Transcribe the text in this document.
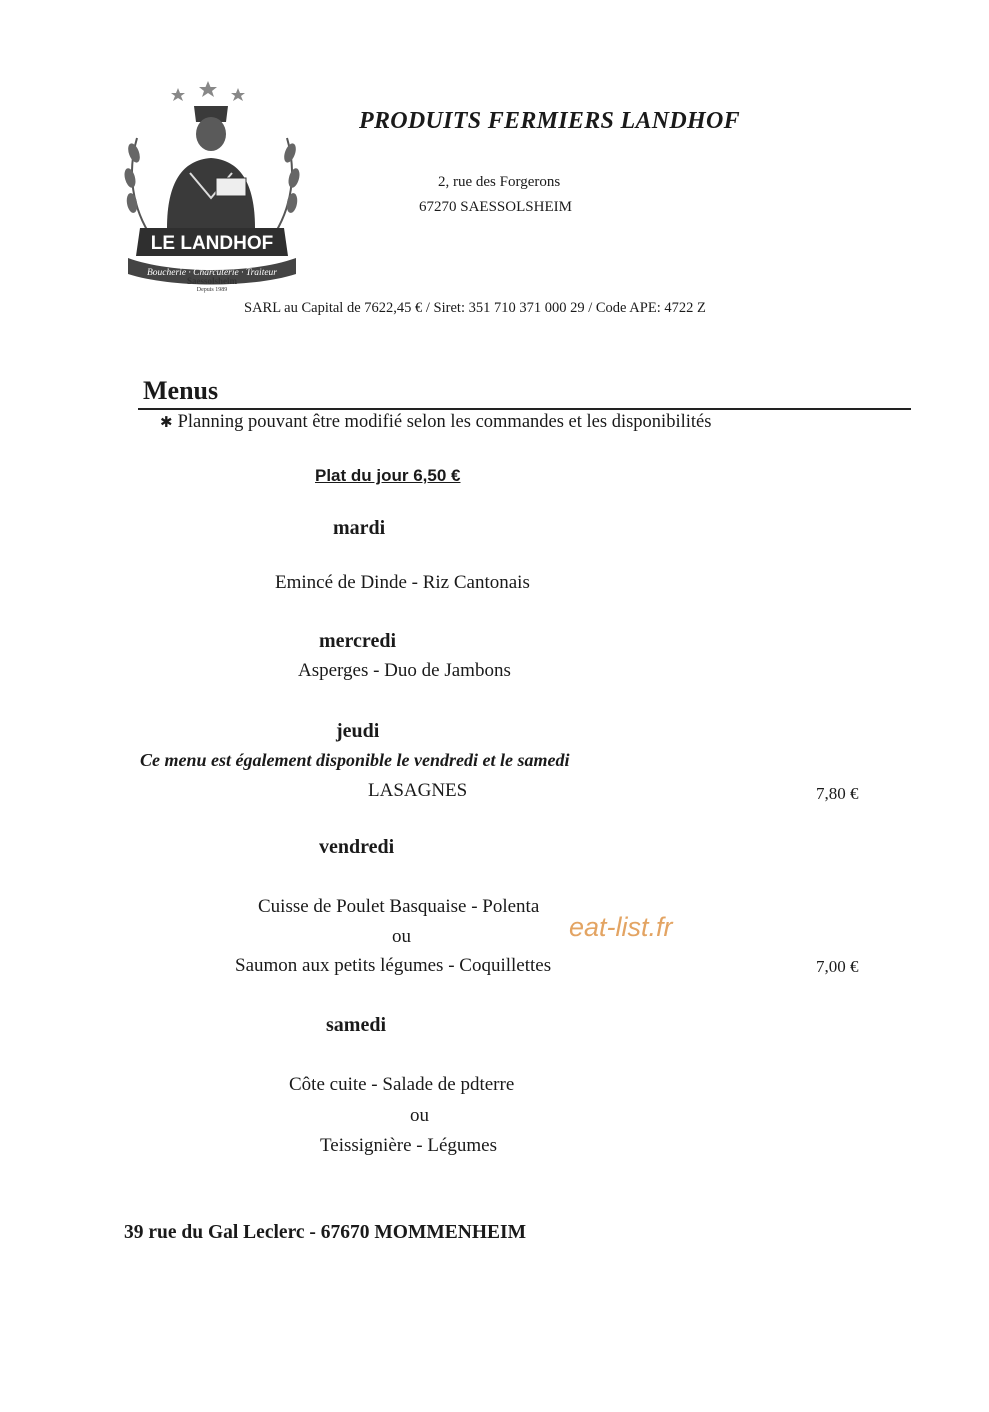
LE LANDHOF
Boucherie · Charcuterie · Traiteur
Saessolsheim
Depuis 1989
PRODUITS FERMIERS LANDHOF
2, rue des Forgerons
67270 SAESSOLSHEIM
SARL au Capital de 7622,45 € / Siret: 351 710 371 000 29 / Code APE: 4722 Z
Menus
✱ Planning pouvant être modifié selon les commandes et les disponibilités
Plat du jour 6,50 €
mardi
Emincé de Dinde - Riz Cantonais
mercredi
Asperges - Duo de Jambons
jeudi
Ce menu est également disponible le vendredi et le samedi
LASAGNES	7,80 €
vendredi
Cuisse de Poulet Basquaise - Polenta
ou
Saumon aux petits légumes - Coquillettes	7,00 €
samedi
Côte cuite - Salade de pdterre
ou
Teissignière - Légumes
eat-list.fr
39 rue du Gal Leclerc - 67670 MOMMENHEIM
